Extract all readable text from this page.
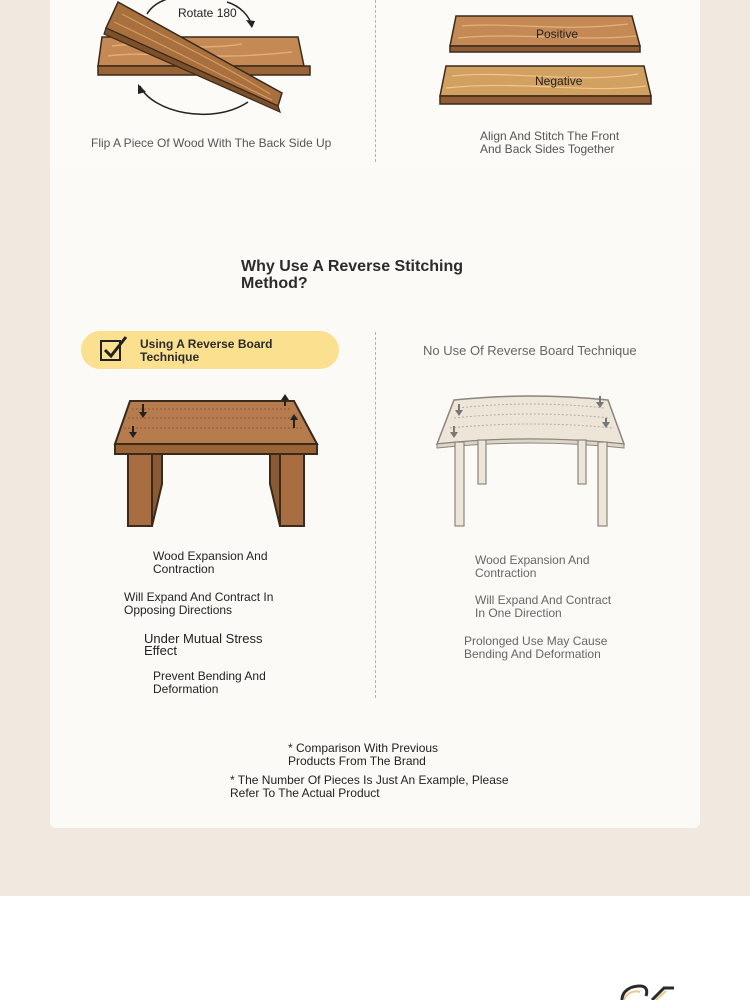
Rotate 180
Flip A Piece Of Wood With The Back Side Up
Positive
Negative
Align And Stitch The Front
And Back Sides Together
Why Use A Reverse Stitching
Method?
Using A Reverse Board
Technique	No Use Of Reverse Board Technique
Wood Expansion And
Contraction
Will Expand And Contract In
Opposing Directions
Under Mutual Stress
Effect
Prevent Bending And
Deformation
Wood Expansion And
Contraction
Will Expand And Contract
In One Direction
Prolonged Use May Cause
Bending And Deformation
* Comparison With Previous
Products From The Brand
* The Number Of Pieces Is Just An Example, Please
Refer To The Actual Product
